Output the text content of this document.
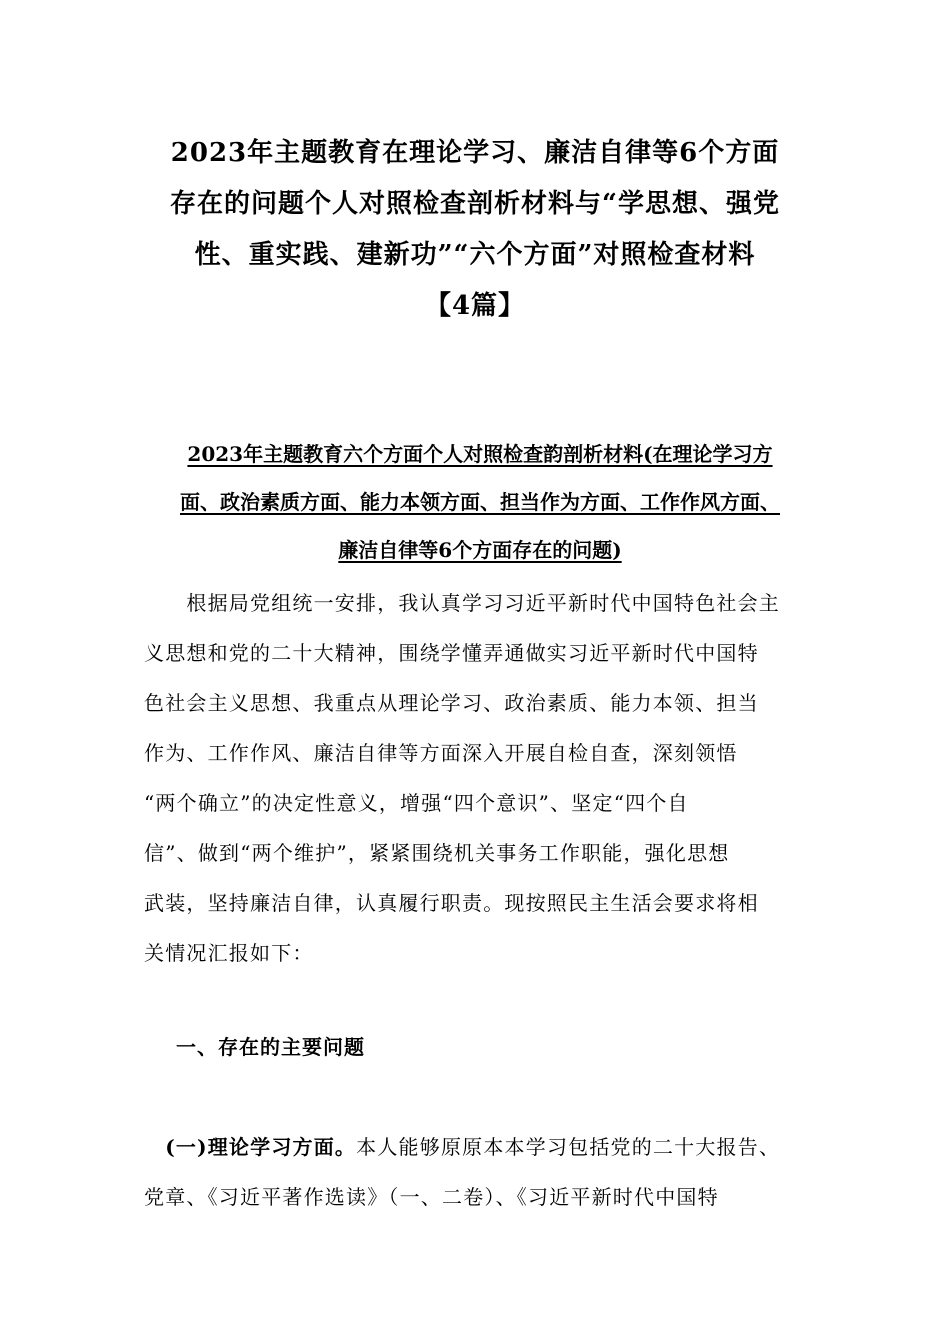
2023年主题教育在理论学习、廉洁自律等6个方面
存在的问题个人对照检查剖析材料与“学思想、强党
性、重实践、建新功”“六个方面”对照检查材料
【4篇】
2023年主题教育六个方面个人对照检查韵剖析材料(在理论学习方
面、政治素质方面、能力本领方面、担当作为方面、工作作风方面、
廉洁自律等6个方面存在的问题)
　　根据局党组统一安排，我认真学习习近平新时代中国特色社会主
义思想和党的二十大精神，围绕学懂弄通做实习近平新时代中国特
色社会主义思想、我重点从理论学习、政治素质、能力本领、担当
作为、工作作风、廉洁自律等方面深入开展自检自查，深刻领悟
“两个确立”的决定性意义，增强“四个意识”、坚定“四个自
信”、做到“两个维护”，紧紧围绕机关事务工作职能，强化思想
武装，坚持廉洁自律，认真履行职责。现按照民主生活会要求将相
关情况汇报如下：
一、存在的主要问题
　(一)理论学习方面。本人能够原原本本学习包括党的二十大报告、
党章、《习近平著作选读》（一、二卷）、《习近平新时代中国特
